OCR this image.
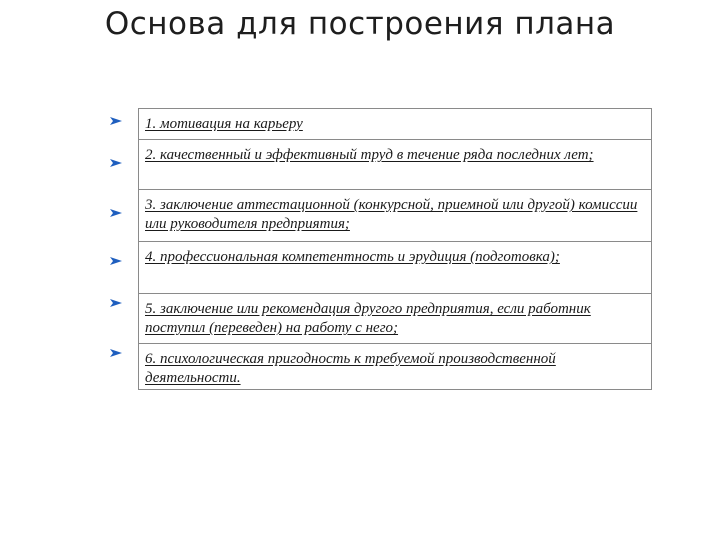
Основа для построения плана
1. мотивация на карьеру
2. качественный и эффективный труд в течение ряда последних лет;
3. заключение аттестационной (конкурсной, приемной или другой) комиссии или руководителя предприятия;
4. профессиональная компетентность и эрудиция (подготовка);
5. заключение или рекомендация другого предприятия, если работник поступил (переведен) на работу с него;
6. психологическая пригодность к требуемой производственной деятельности.
